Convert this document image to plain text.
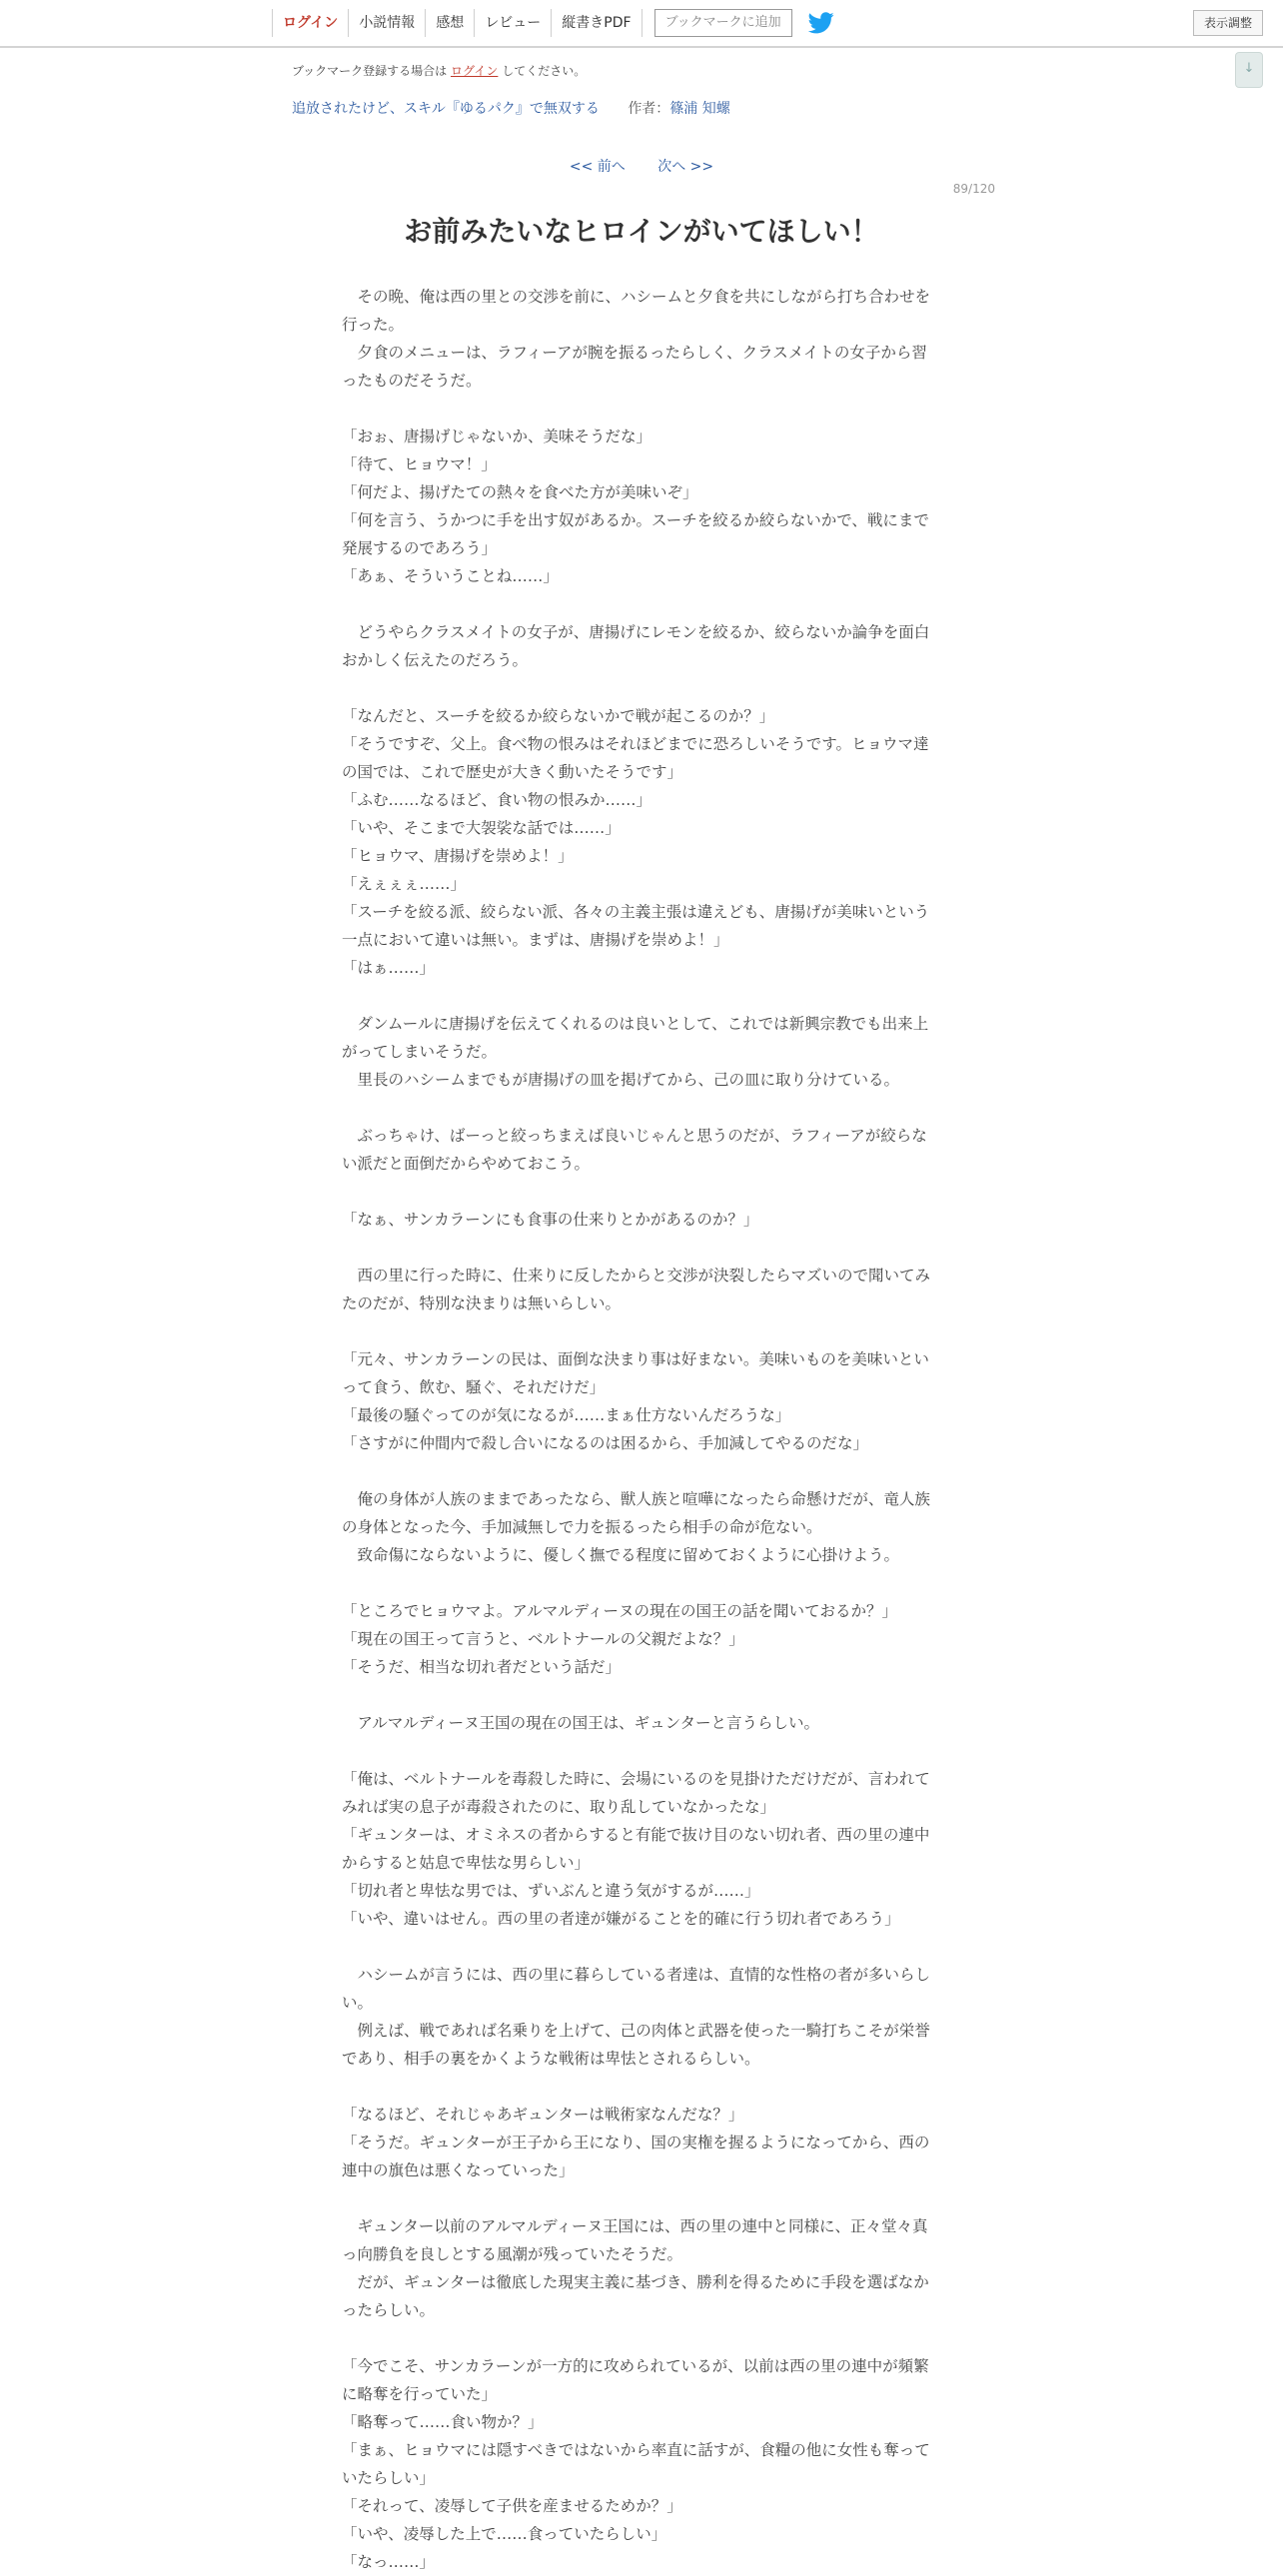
ログイン	小説情報	感想	レビュー	縦書きPDF	ブックマークに追加	表示調整
↓
ブックマーク登録する場合は ログイン してください。
追放されたけど、スキル『ゆるパク』で無双する 作者：篠浦 知螺
<< 前へ 次へ >>
89/120
お前みたいなヒロインがいてほしい！

　その晩、俺は西の里との交渉を前に、ハシームと夕食を共にしながら打ち合わせを行った。

　夕食のメニューは、ラフィーアが腕を振るったらしく、クラスメイトの女子から習ったものだそうだ。

「おぉ、唐揚げじゃないか、美味そうだな」

「待て、ヒョウマ！」

「何だよ、揚げたての熱々を食べた方が美味いぞ」

「何を言う、うかつに手を出す奴があるか。スーチを絞るか絞らないかで、戦にまで発展するのであろう」

「あぁ、そういうことね……」

　どうやらクラスメイトの女子が、唐揚げにレモンを絞るか、絞らないか論争を面白おかしく伝えたのだろう。

「なんだと、スーチを絞るか絞らないかで戦が起こるのか？」

「そうですぞ、父上。食べ物の恨みはそれほどまでに恐ろしいそうです。ヒョウマ達の国では、これで歴史が大きく動いたそうです」

「ふむ……なるほど、食い物の恨みか……」

「いや、そこまで大袈裟な話では……」

「ヒョウマ、唐揚げを崇めよ！」

「えぇぇぇ……」

「スーチを絞る派、絞らない派、各々の主義主張は違えども、唐揚げが美味いという一点において違いは無い。まずは、唐揚げを崇めよ！」

「はぁ……」

　ダンムールに唐揚げを伝えてくれるのは良いとして、これでは新興宗教でも出来上がってしまいそうだ。

　里長のハシームまでもが唐揚げの皿を掲げてから、己の皿に取り分けている。

　ぶっちゃけ、ばーっと絞っちまえば良いじゃんと思うのだが、ラフィーアが絞らない派だと面倒だからやめておこう。

「なぁ、サンカラーンにも食事の仕来りとかがあるのか？」

　西の里に行った時に、仕来りに反したからと交渉が決裂したらマズいので聞いてみたのだが、特別な決まりは無いらしい。

「元々、サンカラーンの民は、面倒な決まり事は好まない。美味いものを美味いといって食う、飲む、騒ぐ、それだけだ」

「最後の騒ぐってのが気になるが……まぁ仕方ないんだろうな」

「さすがに仲間内で殺し合いになるのは困るから、手加減してやるのだな」

　俺の身体が人族のままであったなら、獣人族と喧嘩になったら命懸けだが、竜人族の身体となった今、手加減無しで力を振るったら相手の命が危ない。

　致命傷にならないように、優しく撫でる程度に留めておくように心掛けよう。

「ところでヒョウマよ。アルマルディーヌの現在の国王の話を聞いておるか？」

「現在の国王って言うと、ベルトナールの父親だよな？」

「そうだ、相当な切れ者だという話だ」

　アルマルディーヌ王国の現在の国王は、ギュンターと言うらしい。

「俺は、ベルトナールを毒殺した時に、会場にいるのを見掛けただけだが、言われてみれば実の息子が毒殺されたのに、取り乱していなかったな」

「ギュンターは、オミネスの者からすると有能で抜け目のない切れ者、西の里の連中からすると姑息で卑怯な男らしい」

「切れ者と卑怯な男では、ずいぶんと違う気がするが……」

「いや、違いはせん。西の里の者達が嫌がることを的確に行う切れ者であろう」

　ハシームが言うには、西の里に暮らしている者達は、直情的な性格の者が多いらしい。

　例えば、戦であれば名乗りを上げて、己の肉体と武器を使った一騎打ちこそが栄誉であり、相手の裏をかくような戦術は卑怯とされるらしい。

「なるほど、それじゃあギュンターは戦術家なんだな？」

「そうだ。ギュンターが王子から王になり、国の実権を握るようになってから、西の連中の旗色は悪くなっていった」

　ギュンター以前のアルマルディーヌ王国には、西の里の連中と同様に、正々堂々真っ向勝負を良しとする風潮が残っていたそうだ。

　だが、ギュンターは徹底した現実主義に基づき、勝利を得るために手段を選ばなかったらしい。

「今でこそ、サンカラーンが一方的に攻められているが、以前は西の里の連中が頻繁に略奪を行っていた」

「略奪って……食い物か？」

「まぁ、ヒョウマには隠すべきではないから率直に話すが、食糧の他に女性も奪っていたらしい」

「それって、凌辱して子供を産ませるためか？」

「いや、凌辱した上で……食っていたらしい」

「なっ……」
